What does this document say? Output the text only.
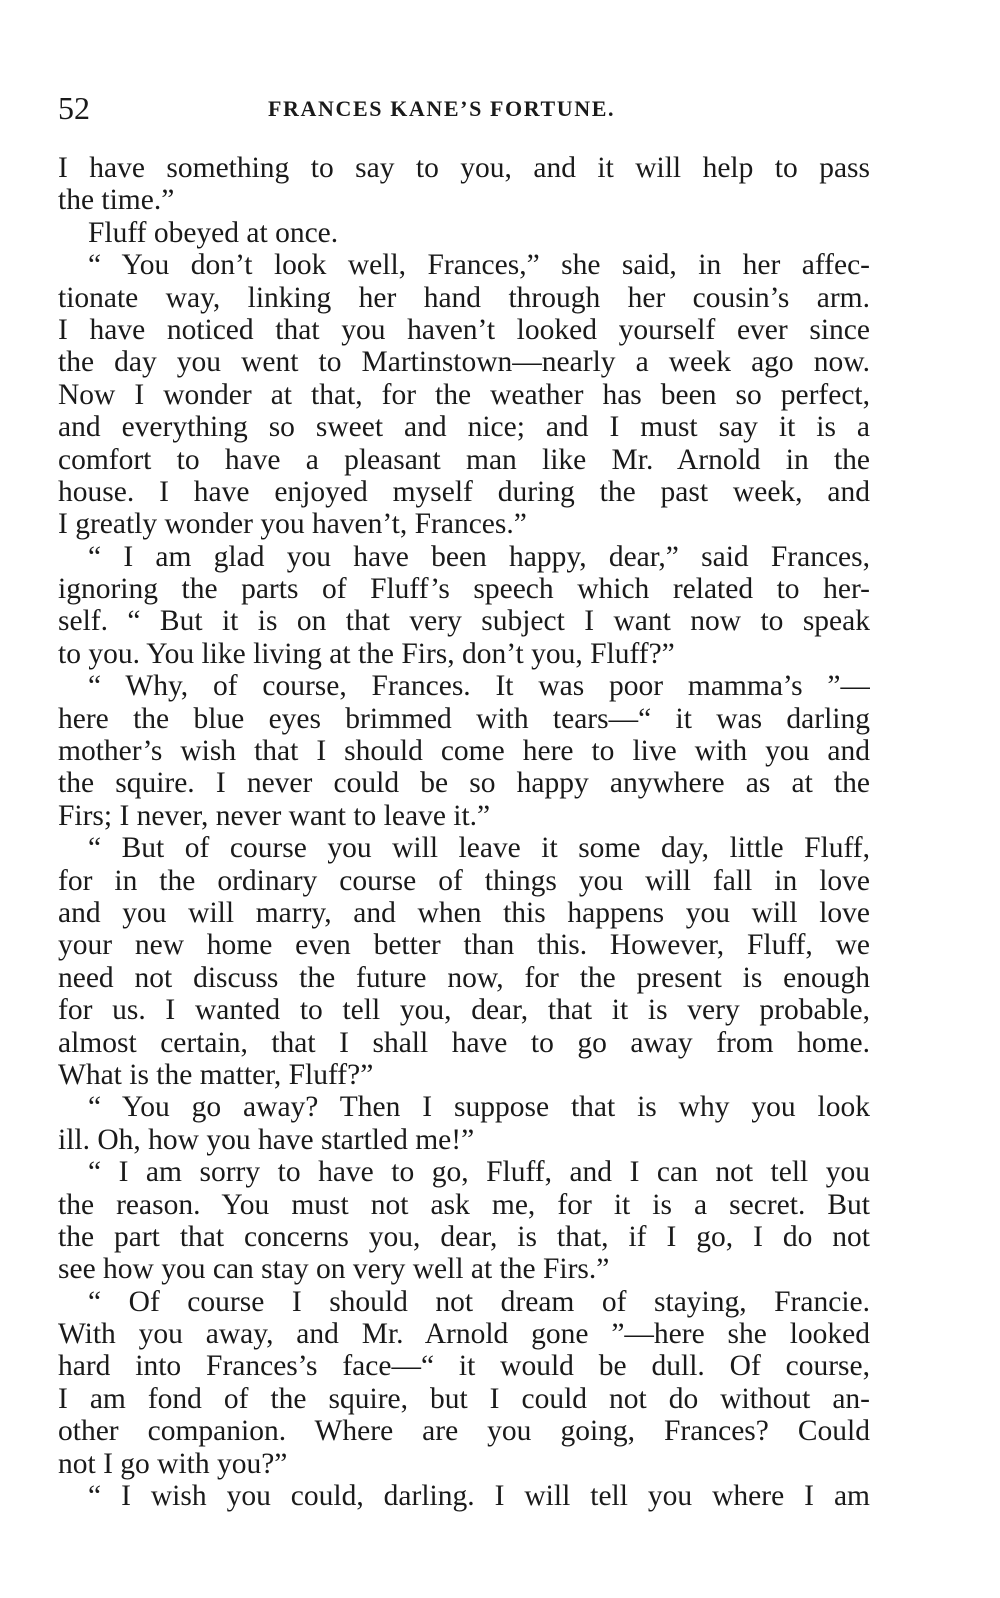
52	FRANCES KANE’S FORTUNE.
I have something to say to you, and it will help to pass
the time.”
Fluff obeyed at once.
“ You don’t look well, Frances,” she said, in her affec-
tionate way, linking her hand through her cousin’s arm.
I have noticed that you haven’t looked yourself ever since
the day you went to Martinstown—nearly a week ago now.
Now I wonder at that, for the weather has been so perfect,
and everything so sweet and nice; and I must say it is a
comfort to have a pleasant man like Mr. Arnold in the
house. I have enjoyed myself during the past week, and
I greatly wonder you haven’t, Frances.”
“ I am glad you have been happy, dear,” said Frances,
ignoring the parts of Fluff’s speech which related to her-
self. “ But it is on that very subject I want now to speak
to you. You like living at the Firs, don’t you, Fluff?”
“ Why, of course, Frances. It was poor mamma’s ”—
here the blue eyes brimmed with tears—“ it was darling
mother’s wish that I should come here to live with you and
the squire. I never could be so happy anywhere as at the
Firs; I never, never want to leave it.”
“ But of course you will leave it some day, little Fluff,
for in the ordinary course of things you will fall in love
and you will marry, and when this happens you will love
your new home even better than this. However, Fluff, we
need not discuss the future now, for the present is enough
for us. I wanted to tell you, dear, that it is very probable,
almost certain, that I shall have to go away from home.
What is the matter, Fluff?”
“ You go away? Then I suppose that is why you look
ill. Oh, how you have startled me!”
“ I am sorry to have to go, Fluff, and I can not tell you
the reason. You must not ask me, for it is a secret. But
the part that concerns you, dear, is that, if I go, I do not
see how you can stay on very well at the Firs.”
“ Of course I should not dream of staying, Francie.
With you away, and Mr. Arnold gone ”—here she looked
hard into Frances’s face—“ it would be dull. Of course,
I am fond of the squire, but I could not do without an-
other companion. Where are you going, Frances? Could
not I go with you?”
“ I wish you could, darling. I will tell you where I am
